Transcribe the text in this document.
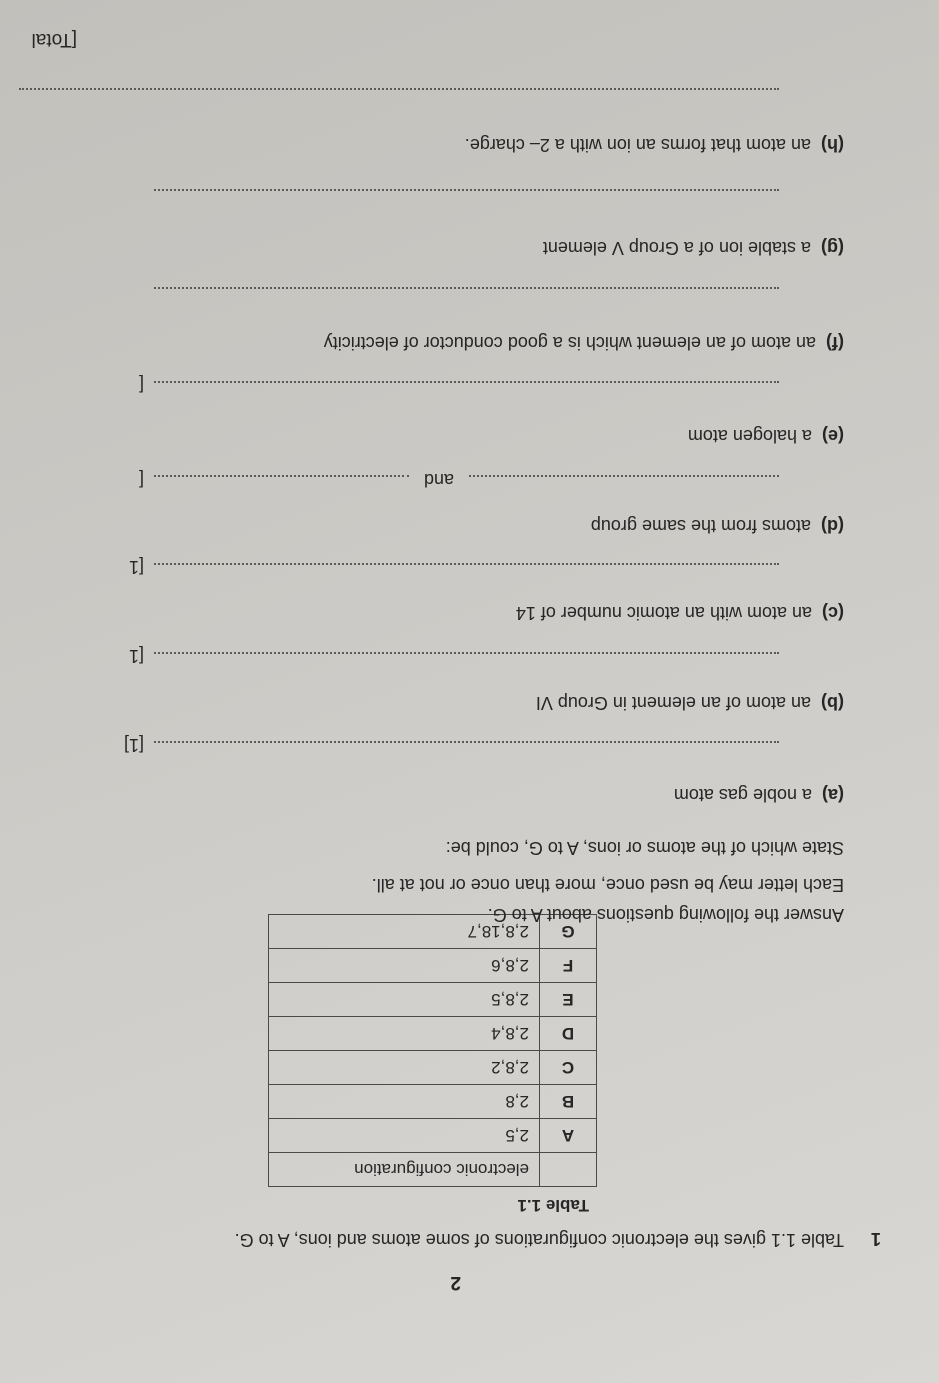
2
1
Table 1.1 gives the electronic configurations of some atoms and ions, A to G.
Table 1.1
	electronic configuration
A	2,5
B	2,8
C	2,8,2
D	2,8,4
E	2,8,5
F	2,8,6
G	2,8,18,7
Answer the following questions about A to G.
Each letter may be used once, more than once or not at all.
State which of the atoms or ions, A to G, could be:
(a)  a noble gas atom
[1]
(b)  an atom of an element in Group VI
[1
(c)  an atom with an atomic number of 14
[1
(d)  atoms from the same group
and
[
(e)  a halogen atom
[
(f)  an atom of an element which is a good conductor of electricity
(g)  a stable ion of a Group V element
(h)  an atom that forms an ion with a 2– charge.
[Total
